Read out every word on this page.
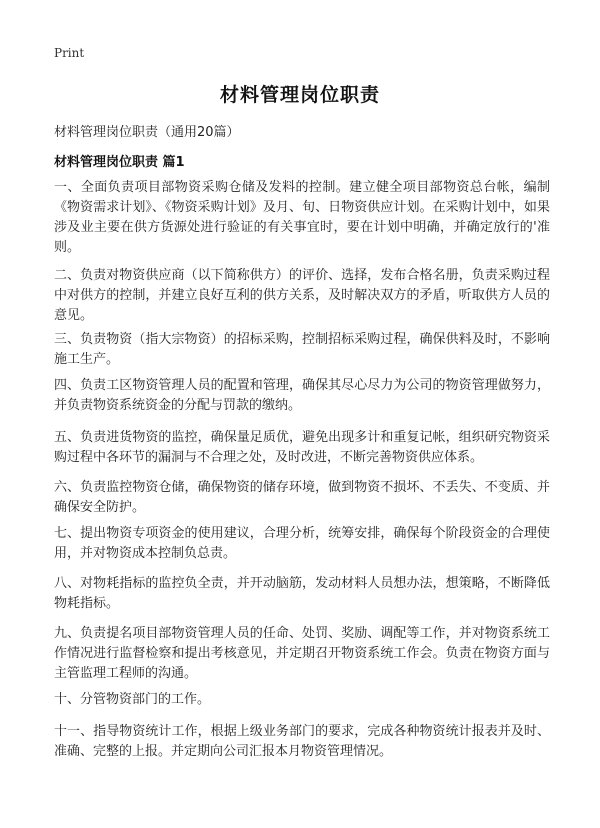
Print
材料管理岗位职责
材料管理岗位职责（通用20篇）
材料管理岗位职责 篇1
一、全面负责项目部物资采购仓储及发料的控制。建立健全项目部物资总台帐，编制《物资需求计划》、《物资采购计划》及月、旬、日物资供应计划。在采购计划中，如果涉及业主要在供方货源处进行验证的有关事宜时，要在计划中明确，并确定放行的'准则。
二、负责对物资供应商（以下简称供方）的评价、选择，发布合格名册，负责采购过程中对供方的控制，并建立良好互利的供方关系，及时解决双方的矛盾，听取供方人员的意见。
三、负责物资（指大宗物资）的招标采购，控制招标采购过程，确保供料及时，不影响施工生产。
四、负责工区物资管理人员的配置和管理，确保其尽心尽力为公司的物资管理做努力，并负责物资系统资金的分配与罚款的缴纳。
五、负责进货物资的监控，确保量足质优，避免出现多计和重复记帐，组织研究物资采购过程中各环节的漏洞与不合理之处，及时改进，不断完善物资供应体系。
六、负责监控物资仓储，确保物资的储存环境，做到物资不损坏、不丢失、不变质、并确保安全防护。
七、提出物资专项资金的使用建议，合理分析，统筹安排，确保每个阶段资金的合理使用，并对物资成本控制负总责。
八、对物耗指标的监控负全责，并开动脑筋，发动材料人员想办法，想策略，不断降低物耗指标。
九、负责提名项目部物资管理人员的任命、处罚、奖励、调配等工作，并对物资系统工作情况进行监督检察和提出考核意见，并定期召开物资系统工作会。负责在物资方面与主管监理工程师的沟通。
十、分管物资部门的工作。
十一、指导物资统计工作，根据上级业务部门的要求，完成各种物资统计报表并及时、准确、完整的上报。并定期向公司汇报本月物资管理情况。
